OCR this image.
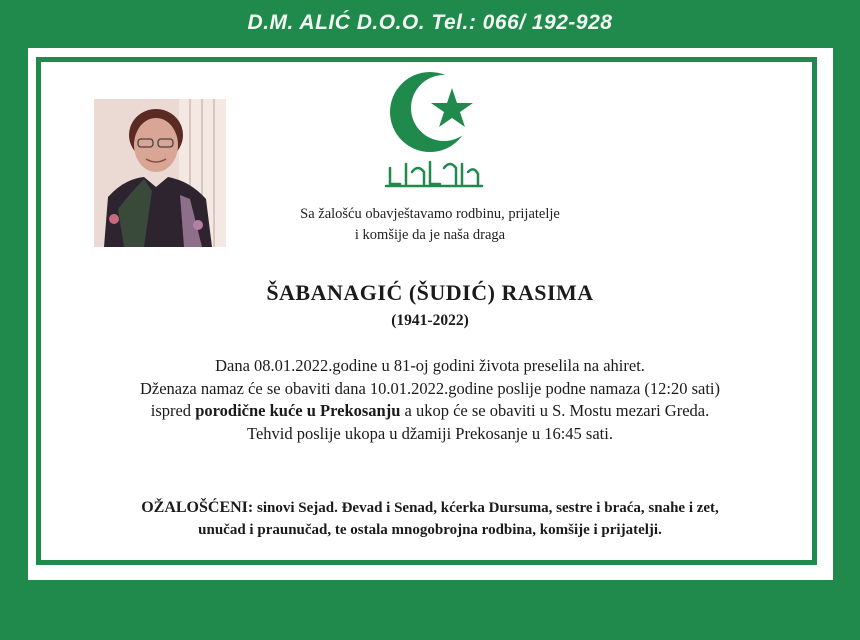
D.M. ALIĆ D.O.O. Tel.: 066/ 192-928
Sa žalošću obavještavamo rodbinu, prijatelje
i komšije da je naša draga
ŠABANAGIĆ (ŠUDIĆ) RASIMA
(1941-2022)
Dana 08.01.2022.godine u 81-oj godini života preselila na ahiret.
Dženaza namaz će se obaviti dana 10.01.2022.godine poslije podne namaza (12:20 sati)
ispred porodične kuće u Prekosanju a ukop će se obaviti u S. Mostu mezari Greda.
Tehvid poslije ukopa u džamiji Prekosanje u 16:45 sati.
OŽALOŠĆENI: sinovi Sejad. Đevad i Senad, kćerka Dursuma, sestre i braća, snahe i zet,
unučad i praunučad, te ostala mnogobrojna rodbina, komšije i prijatelji.
